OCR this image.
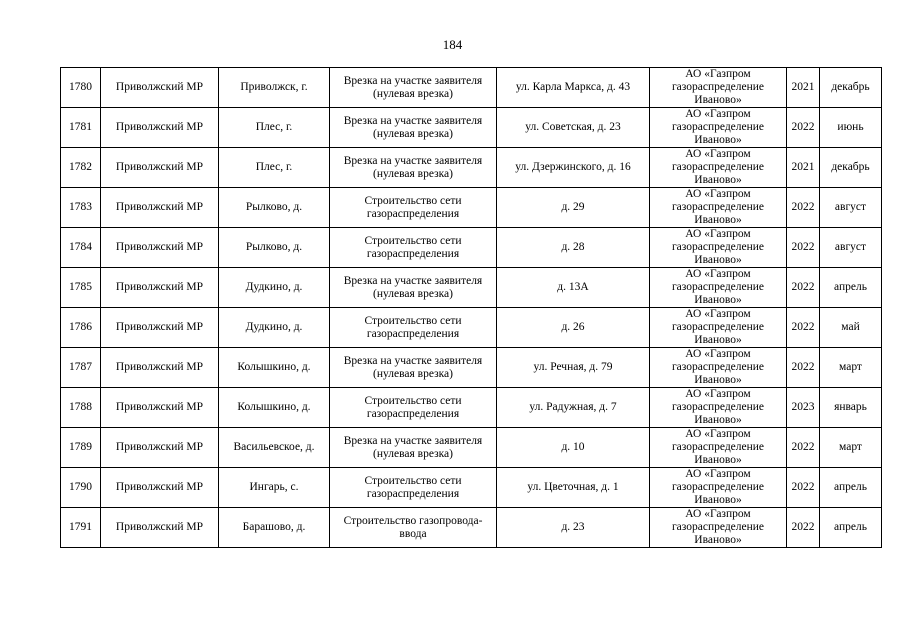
184
1780	Приволжский МР	Приволжск, г.	Врезка на участке заявителя (нулевая врезка)	ул. Карла Маркса, д. 43	АО «Газпром газораспределение Иваново»	2021	декабрь
1781	Приволжский МР	Плес, г.	Врезка на участке заявителя (нулевая врезка)	ул. Советская, д. 23	АО «Газпром газораспределение Иваново»	2022	июнь
1782	Приволжский МР	Плес, г.	Врезка на участке заявителя (нулевая врезка)	ул. Дзержинского, д. 16	АО «Газпром газораспределение Иваново»	2021	декабрь
1783	Приволжский МР	Рылково, д.	Строительство сети газораспределения	д. 29	АО «Газпром газораспределение Иваново»	2022	август
1784	Приволжский МР	Рылково, д.	Строительство сети газораспределения	д. 28	АО «Газпром газораспределение Иваново»	2022	август
1785	Приволжский МР	Дудкино, д.	Врезка на участке заявителя (нулевая врезка)	д. 13А	АО «Газпром газораспределение Иваново»	2022	апрель
1786	Приволжский МР	Дудкино, д.	Строительство сети газораспределения	д. 26	АО «Газпром газораспределение Иваново»	2022	май
1787	Приволжский МР	Колышкино, д.	Врезка на участке заявителя (нулевая врезка)	ул. Речная, д. 79	АО «Газпром газораспределение Иваново»	2022	март
1788	Приволжский МР	Колышкино, д.	Строительство сети газораспределения	ул. Радужная, д. 7	АО «Газпром газораспределение Иваново»	2023	январь
1789	Приволжский МР	Васильевское, д.	Врезка на участке заявителя (нулевая врезка)	д. 10	АО «Газпром газораспределение Иваново»	2022	март
1790	Приволжский МР	Ингарь, с.	Строительство сети газораспределения	ул. Цветочная, д. 1	АО «Газпром газораспределение Иваново»	2022	апрель
1791	Приволжский МР	Барашово, д.	Строительство газопровода-ввода	д. 23	АО «Газпром газораспределение Иваново»	2022	апрель
